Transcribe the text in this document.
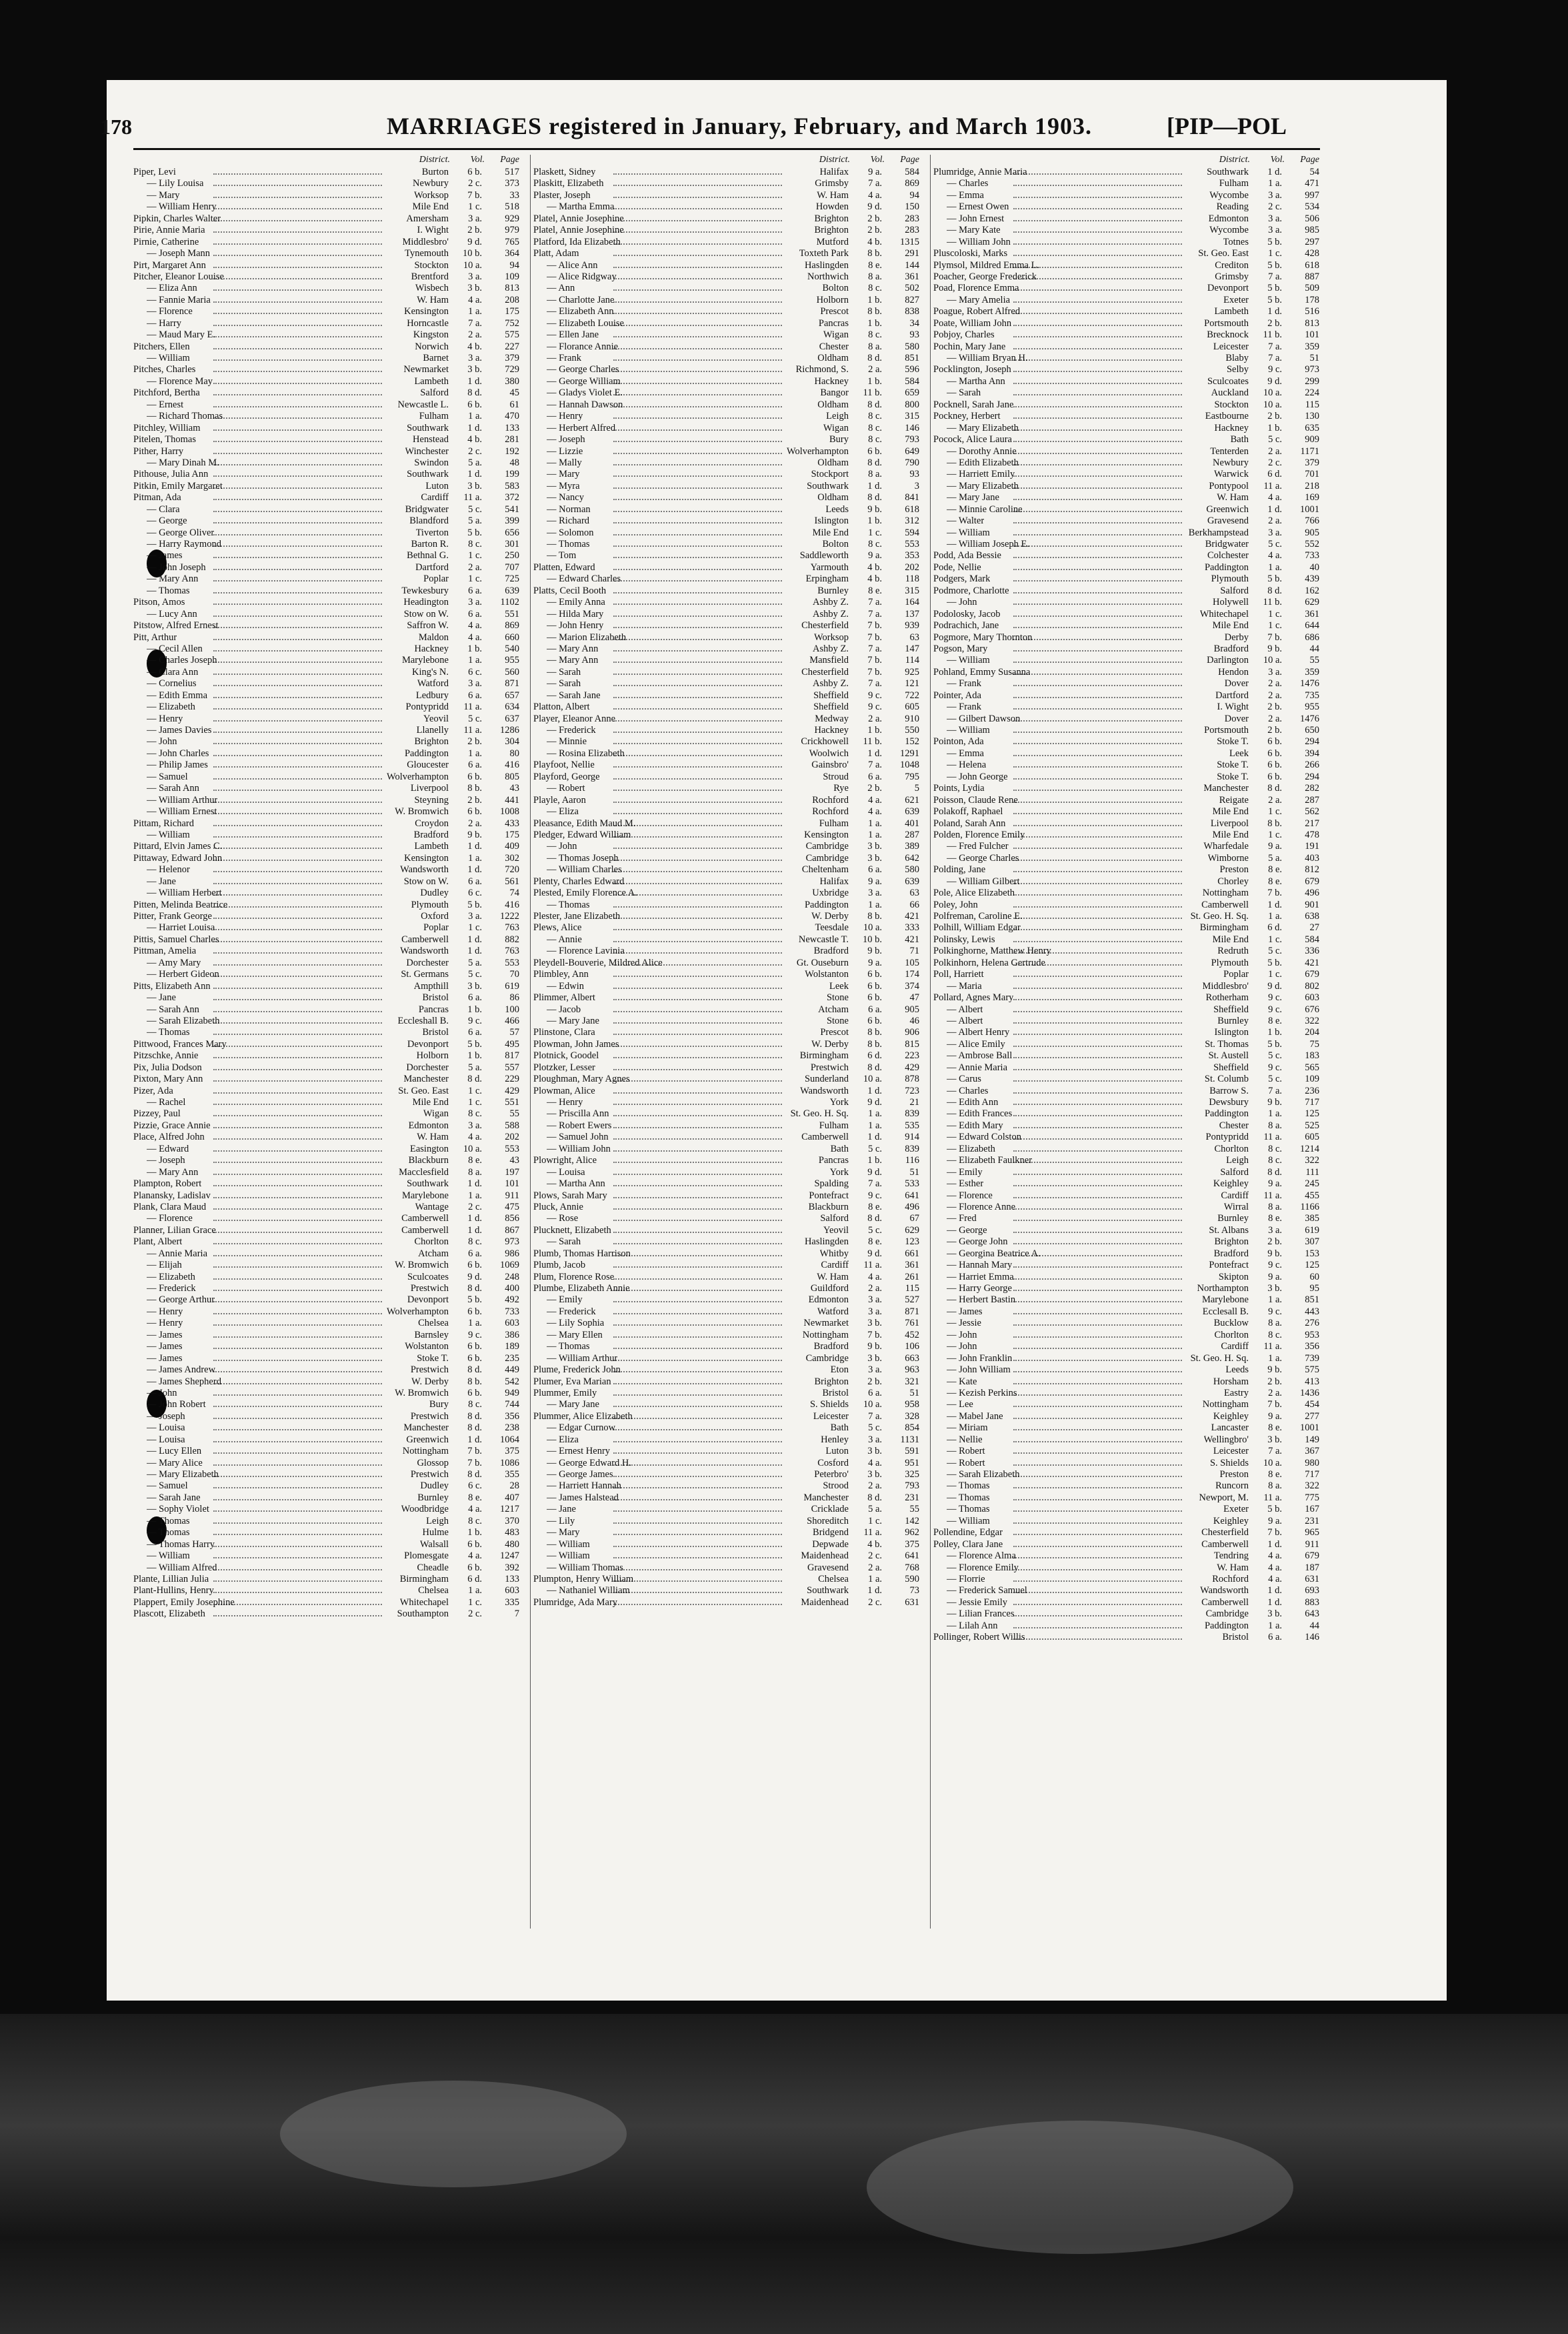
178	MARRIAGES registered in January, February, and March 1903.	[PIP—POL
District. Vol. Page
Piper, Levi	Burton 6 b.	517
— Lily Louisa	Newbury 2 c.	373
— Mary	Worksop 7 b.	33
— William Henry	Mile End 1 c.	518
Pipkin, Charles Walter	Amersham 3 a.	929
Pirie, Annie Maria	I. Wight 2 b.	979
Pirnie, Catherine	Middlesbro' 9 d.	765
— Joseph Mann	Tynemouth 10 b.	364
Pirt, Margaret Ann	Stockton 10 a.	94
Pitcher, Eleanor Louise	Brentford 3 a.	109
— Eliza Ann	Wisbech 3 b.	813
— Fannie Maria	W. Ham 4 a.	208
— Florence	Kensington 1 a.	175
— Harry	Horncastle 7 a.	752
— Maud Mary E.	Kingston 2 a.	575
Pitchers, Ellen	Norwich 4 b.	227
— William	Barnet 3 a.	379
Pitches, Charles	Newmarket 3 b.	729
— Florence May	Lambeth 1 d.	380
Pitchford, Bertha	Salford 8 d.	45
— Ernest	Newcastle L. 6 b.	61
— Richard Thomas	Fulham 1 a.	470
Pitchley, William	Southwark 1 d.	133
Pitelen, Thomas	Henstead 4 b.	281
Pither, Harry	Winchester 2 c.	192
— Mary Dinah M.	Swindon 5 a.	48
Pithouse, Julia Ann	Southwark 1 d.	199
Pitkin, Emily Margaret	Luton 3 b.	583
Pitman, Ada	Cardiff 11 a.	372
— Clara	Bridgwater 5 c.	541
— George	Blandford 5 a.	399
— George Oliver	Tiverton 5 b.	656
— Harry Raymond	Barton R. 8 c.	301
— James	Bethnal G. 1 c.	250
— John Joseph	Dartford 2 a.	707
— Mary Ann	Poplar 1 c.	725
— Thomas	Tewkesbury 6 a.	639
Pitson, Amos	Headington 3 a.	1102
— Lucy Ann	Stow on W. 6 a.	551
Pitstow, Alfred Ernest	Saffron W. 4 a.	869
Pitt, Arthur	Maldon 4 a.	660
— Cecil Allen	Hackney 1 b.	540
— Charles Joseph	Marylebone 1 a.	955
— Clara Ann	King's N. 6 c.	560
— Cornelius	Watford 3 a.	871
— Edith Emma	Ledbury 6 a.	657
— Elizabeth	Pontypridd 11 a.	634
— Henry	Yeovil 5 c.	637
— James Davies	Llanelly 11 a.	1286
— John	Brighton 2 b.	304
— John Charles	Paddington 1 a.	80
— Philip James	Gloucester 6 a.	416
— Samuel	Wolverhampton 6 b.	805
— Sarah Ann	Liverpool 8 b.	43
— William Arthur	Steyning 2 b.	441
— William Ernest	W. Bromwich 6 b.	1008
Pittam, Richard	Croydon 2 a.	433
— William	Bradford 9 b.	175
Pittard, Elvin James C.	Lambeth 1 d.	409
Pittaway, Edward John	Kensington 1 a.	302
— Helenor	Wandsworth 1 d.	720
— Jane	Stow on W. 6 a.	561
— William Herbert	Dudley 6 c.	74
Pitten, Melinda Beatrice	Plymouth 5 b.	416
Pitter, Frank George	Oxford 3 a.	1222
— Harriet Louisa	Poplar 1 c.	763
Pittis, Samuel Charles	Camberwell 1 d.	882
Pittman, Amelia	Wandsworth 1 d.	763
— Amy Mary	Dorchester 5 a.	553
— Herbert Gideon	St. Germans 5 c.	70
Pitts, Elizabeth Ann	Ampthill 3 b.	619
— Jane	Bristol 6 a.	86
— Sarah Ann	Pancras 1 b.	100
— Sarah Elizabeth	Eccleshall B. 9 c.	466
— Thomas	Bristol 6 a.	57
Pittwood, Frances Mary	Devonport 5 b.	495
Pitzschke, Annie	Holborn 1 b.	817
Pix, Julia Dodson	Dorchester 5 a.	557
Pixton, Mary Ann	Manchester 8 d.	229
Pizer, Ada	St. Geo. East 1 c.	429
— Rachel	Mile End 1 c.	551
Pizzey, Paul	Wigan 8 c.	55
Pizzie, Grace Annie	Edmonton 3 a.	588
Place, Alfred John	W. Ham 4 a.	202
— Edward	Easington 10 a.	553
— Joseph	Blackburn 8 e.	43
— Mary Ann	Macclesfield 8 a.	197
Plampton, Robert	Southwark 1 d.	101
Planansky, Ladislav	Marylebone 1 a.	911
Plank, Clara Maud	Wantage 2 c.	475
— Florence	Camberwell 1 d.	856
Planner, Lilian Grace	Camberwell 1 d.	867
Plant, Albert	Chorlton 8 c.	973
— Annie Maria	Atcham 6 a.	986
— Elijah	W. Bromwich 6 b.	1069
— Elizabeth	Sculcoates 9 d.	248
— Frederick	Prestwich 8 d.	400
— George Arthur	Devonport 5 b.	492
— Henry	Wolverhampton 6 b.	733
— Henry	Chelsea 1 a.	603
— James	Barnsley 9 c.	386
— James	Wolstanton 6 b.	189
— James	Stoke T. 6 b.	235
— James Andrew	Prestwich 8 d.	449
— James Shepherd	W. Derby 8 b.	542
— John	W. Bromwich 6 b.	949
— John Robert	Bury 8 c.	744
— Joseph	Prestwich 8 d.	356
— Louisa	Manchester 8 d.	238
— Louisa	Greenwich 1 d.	1064
— Lucy Ellen	Nottingham 7 b.	375
— Mary Alice	Glossop 7 b.	1086
— Mary Elizabeth	Prestwich 8 d.	355
— Samuel	Dudley 6 c.	28
— Sarah Jane	Burnley 8 e.	407
— Sophy Violet	Woodbridge 4 a.	1217
— Thomas	Leigh 8 c.	370
— Thomas	Hulme 1 b.	483
— Thomas Harry	Walsall 6 b.	480
— William	Plomesgate 4 a.	1247
— William Alfred	Cheadle 6 b.	392
Plante, Lillian Julia	Birmingham 6 d.	133
Plant-Hullins, Henry	Chelsea 1 a.	603
Plappert, Emily Josephine	Whitechapel 1 c.	335
Plascott, Elizabeth	Southampton 2 c.	7
District. Vol. Page
Plaskett, Sidney	Halifax 9 a.	584
Plaskitt, Elizabeth	Grimsby 7 a.	869
Plaster, Joseph	W. Ham 4 a.	94
— Martha Emma	Howden 9 d.	150
Platel, Annie Josephine	Brighton 2 b.	283
Platel, Annie Josephine	Brighton 2 b.	283
Platford, Ida Elizabeth	Mutford 4 b.	1315
Platt, Adam	Toxteth Park 8 b.	291
— Alice Ann	Haslingden 8 e.	144
— Alice Ridgway	Northwich 8 a.	361
— Ann	Bolton 8 c.	502
— Charlotte Jane	Holborn 1 b.	827
— Elizabeth Ann	Prescot 8 b.	838
— Elizabeth Louise	Pancras 1 b.	34
— Ellen Jane	Wigan 8 c.	93
— Florance Annie	Chester 8 a.	580
— Frank	Oldham 8 d.	851
— George Charles	Richmond, S. 2 a.	596
— George William	Hackney 1 b.	584
— Gladys Violet E.	Bangor 11 b.	659
— Hannah Dawson	Oldham 8 d.	800
— Henry	Leigh 8 c.	315
— Herbert Alfred	Wigan 8 c.	146
— Joseph	Bury 8 c.	793
— Lizzie	Wolverhampton 6 b.	649
— Mally	Oldham 8 d.	790
— Mary	Stockport 8 a.	93
— Myra	Southwark 1 d.	3
— Nancy	Oldham 8 d.	841
— Norman	Leeds 9 b.	618
— Richard	Islington 1 b.	312
— Solomon	Mile End 1 c.	594
— Thomas	Bolton 8 c.	553
— Tom	Saddleworth 9 a.	353
Platten, Edward	Yarmouth 4 b.	202
— Edward Charles	Erpingham 4 b.	118
Platts, Cecil Booth	Burnley 8 e.	315
— Emily Anna	Ashby Z. 7 a.	164
— Hilda Mary	Ashby Z. 7 a.	137
— John Henry	Chesterfield 7 b.	939
— Marion Elizabeth	Worksop 7 b.	63
— Mary Ann	Ashby Z. 7 a.	147
— Mary Ann	Mansfield 7 b.	114
— Sarah	Chesterfield 7 b.	925
— Sarah	Ashby Z. 7 a.	121
— Sarah Jane	Sheffield 9 c.	722
Platton, Albert	Sheffield 9 c.	605
Player, Eleanor Anne	Medway 2 a.	910
— Frederick	Hackney 1 b.	550
— Minnie	Crickhowell 11 b.	152
— Rosina Elizabeth	Woolwich 1 d.	1291
Playfoot, Nellie	Gainsbro' 7 a.	1048
Playford, George	Stroud 6 a.	795
— Robert	Rye 2 b.	5
Playle, Aaron	Rochford 4 a.	621
— Eliza	Rochford 4 a.	639
Pleasance, Edith Maud M.	Fulham 1 a.	401
Pledger, Edward William	Kensington 1 a.	287
— John	Cambridge 3 b.	389
— Thomas Joseph	Cambridge 3 b.	642
— William Charles	Cheltenham 6 a.	580
Plenty, Charles Edward	Halifax 9 a.	639
Plested, Emily Florence A.	Uxbridge 3 a.	63
— Thomas	Paddington 1 a.	66
Plester, Jane Elizabeth	W. Derby 8 b.	421
Plews, Alice	Teesdale 10 a.	333
— Annie	Newcastle T. 10 b.	421
— Florence Lavinia	Bradford 9 b.	71
Pleydell-Bouverie, Mildred Alice	Gt. Ouseburn 9 a.	105
Plimbley, Ann	Wolstanton 6 b.	174
— Edwin	Leek 6 b.	374
Plimmer, Albert	Stone 6 b.	47
— Jacob	Atcham 6 a.	905
— Mary Jane	Stone 6 b.	46
Plinstone, Clara	Prescot 8 b.	906
Plowman, John James	W. Derby 8 b.	815
Plotnick, Goodel	Birmingham 6 d.	223
Plotzker, Lesser	Prestwich 8 d.	429
Ploughman, Mary Agnes	Sunderland 10 a.	878
Plowman, Alice	Wandsworth 1 d.	723
— Henry	York 9 d.	21
— Priscilla Ann	St. Geo. H. Sq. 1 a.	839
— Robert Ewers	Fulham 1 a.	535
— Samuel John	Camberwell 1 d.	914
— William John	Bath 5 c.	839
Plowright, Alice	Pancras 1 b.	116
— Louisa	York 9 d.	51
— Martha Ann	Spalding 7 a.	533
Plows, Sarah Mary	Pontefract 9 c.	641
Pluck, Annie	Blackburn 8 e.	496
— Rose	Salford 8 d.	67
Plucknett, Elizabeth	Yeovil 5 c.	629
— Sarah	Haslingden 8 e.	123
Plumb, Thomas Harrison	Whitby 9 d.	661
Plumb, Jacob	Cardiff 11 a.	361
Plum, Florence Rose	W. Ham 4 a.	261
Plumbe, Elizabeth Annie	Guildford 2 a.	115
— Emily	Edmonton 3 a.	527
— Frederick	Watford 3 a.	871
— Lily Sophia	Newmarket 3 b.	761
— Mary Ellen	Nottingham 7 b.	452
— Thomas	Bradford 9 b.	106
— William Arthur	Cambridge 3 b.	663
Plume, Frederick John	Eton 3 a.	963
Plumer, Eva Marian	Brighton 2 b.	321
Plummer, Emily	Bristol 6 a.	51
— Mary Jane	S. Shields 10 a.	958
Plummer, Alice Elizabeth	Leicester 7 a.	328
— Edgar Curnow	Bath 5 c.	854
— Eliza	Henley 3 a.	1131
— Ernest Henry	Luton 3 b.	591
— George Edward H.	Cosford 4 a.	951
— George James	Peterbro' 3 b.	325
— Harriett Hannah	Strood 2 a.	793
— James Halstead	Manchester 8 d.	231
— Jane	Cricklade 5 a.	55
— Lily	Shoreditch 1 c.	142
— Mary	Bridgend 11 a.	962
— William	Depwade 4 b.	375
— William	Maidenhead 2 c.	641
— William Thomas	Gravesend 2 a.	768
Plumpton, Henry William	Chelsea 1 a.	590
— Nathaniel William	Southwark 1 d.	73
Plumridge, Ada Mary	Maidenhead 2 c.	631
District. Vol. Page
Plumridge, Annie Maria	Southwark 1 d.	54
— Charles	Fulham 1 a.	471
— Emma	Wycombe 3 a.	997
— Ernest Owen	Reading 2 c.	534
— John Ernest	Edmonton 3 a.	506
— Mary Kate	Wycombe 3 a.	985
— William John	Totnes 5 b.	297
Pluscoloski, Marks	St. Geo. East 1 c.	428
Plymsol, Mildred Emma L.	Crediton 5 b.	618
Poacher, George Frederick	Grimsby 7 a.	887
Poad, Florence Emma	Devonport 5 b.	509
— Mary Amelia	Exeter 5 b.	178
Poague, Robert Alfred	Lambeth 1 d.	516
Poate, William John	Portsmouth 2 b.	813
Pobjoy, Charles	Brecknock 11 b.	101
Pochin, Mary Jane	Leicester 7 a.	359
— William Bryan H.	Blaby 7 a.	51
Pocklington, Joseph	Selby 9 c.	973
— Martha Ann	Sculcoates 9 d.	299
— Sarah	Auckland 10 a.	224
Pocknell, Sarah Jane	Stockton 10 a.	115
Pockney, Herbert	Eastbourne 2 b.	130
— Mary Elizabeth	Hackney 1 b.	635
Pocock, Alice Laura	Bath 5 c.	909
— Dorothy Annie	Tenterden 2 a.	1171
— Edith Elizabeth	Newbury 2 c.	379
— Harriett Emily	Warwick 6 d.	701
— Mary Elizabeth	Pontypool 11 a.	218
— Mary Jane	W. Ham 4 a.	169
— Minnie Caroline	Greenwich 1 d.	1001
— Walter	Gravesend 2 a.	766
— William	Berkhampstead 3 a.	905
— William Joseph E.	Bridgwater 5 c.	552
Podd, Ada Bessie	Colchester 4 a.	733
Pode, Nellie	Paddington 1 a.	40
Podgers, Mark	Plymouth 5 b.	439
Podmore, Charlotte	Salford 8 d.	162
— John	Holywell 11 b.	629
Podolosky, Jacob	Whitechapel 1 c.	361
Podrachich, Jane	Mile End 1 c.	644
Pogmore, Mary Thornton	Derby 7 b.	686
Pogson, Mary	Bradford 9 b.	44
— William	Darlington 10 a.	55
Pohland, Emmy Susanna	Hendon 3 a.	359
— Frank	Dover 2 a.	1476
Pointer, Ada	Dartford 2 a.	735
— Frank	I. Wight 2 b.	955
— Gilbert Dawson	Dover 2 a.	1476
— William	Portsmouth 2 b.	650
Pointon, Ada	Stoke T. 6 b.	294
— Emma	Leek 6 b.	394
— Helena	Stoke T. 6 b.	266
— John George	Stoke T. 6 b.	294
Points, Lydia	Manchester 8 d.	282
Poisson, Claude Rene	Reigate 2 a.	287
Polakoff, Raphael	Mile End 1 c.	562
Poland, Sarah Ann	Liverpool 8 b.	217
Polden, Florence Emily	Mile End 1 c.	478
— Fred Fulcher	Wharfedale 9 a.	191
— George Charles	Wimborne 5 a.	403
Polding, Jane	Preston 8 e.	812
— William Gilbert	Chorley 8 e.	679
Pole, Alice Elizabeth	Nottingham 7 b.	496
Poley, John	Camberwell 1 d.	901
Polfreman, Caroline E.	St. Geo. H. Sq. 1 a.	638
Polhill, William Edgar	Birmingham 6 d.	27
Polinsky, Lewis	Mile End 1 c.	584
Polkinghorne, Matthew Henry	Redruth 5 c.	336
Polkinhorn, Helena Gertrude	Plymouth 5 b.	421
Poll, Harriett	Poplar 1 c.	679
— Maria	Middlesbro' 9 d.	802
Pollard, Agnes Mary	Rotherham 9 c.	603
— Albert	Sheffield 9 c.	676
— Albert	Burnley 8 e.	322
— Albert Henry	Islington 1 b.	204
— Alice Emily	St. Thomas 5 b.	75
— Ambrose Ball	St. Austell 5 c.	183
— Annie Maria	Sheffield 9 c.	565
— Carus	St. Columb 5 c.	109
— Charles	Barrow S. 7 a.	236
— Edith Ann	Dewsbury 9 b.	717
— Edith Frances	Paddington 1 a.	125
— Edith Mary	Chester 8 a.	525
— Edward Colston	Pontypridd 11 a.	605
— Elizabeth	Chorlton 8 c.	1214
— Elizabeth Faulkner	Leigh 8 c.	322
— Emily	Salford 8 d.	111
— Esther	Keighley 9 a.	245
— Florence	Cardiff 11 a.	455
— Florence Anne	Wirral 8 a.	1166
— Fred	Burnley 8 e.	385
— George	St. Albans 3 a.	619
— George John	Brighton 2 b.	307
— Georgina Beatrice A.	Bradford 9 b.	153
— Hannah Mary	Pontefract 9 c.	125
— Harriet Emma	Skipton 9 a.	60
— Harry George	Northampton 3 b.	95
— Herbert Bastin	Marylebone 1 a.	851
— James	Ecclesall B. 9 c.	443
— Jessie	Bucklow 8 a.	276
— John	Chorlton 8 c.	953
— John	Cardiff 11 a.	356
— John Franklin	St. Geo. H. Sq. 1 a.	739
— John William	Leeds 9 b.	575
— Kate	Horsham 2 b.	413
— Kezish Perkins	Eastry 2 a.	1436
— Lee	Nottingham 7 b.	454
— Mabel Jane	Keighley 9 a.	277
— Miriam	Lancaster 8 e.	1001
— Nellie	Wellingbro' 3 b.	149
— Robert	Leicester 7 a.	367
— Robert	S. Shields 10 a.	980
— Sarah Elizabeth	Preston 8 e.	717
— Thomas	Runcorn 8 a.	322
— Thomas	Newport, M. 11 a.	775
— Thomas	Exeter 5 b.	167
— William	Keighley 9 a.	231
Pollendine, Edgar	Chesterfield 7 b.	965
Polley, Clara Jane	Camberwell 1 d.	911
— Florence Alma	Tendring 4 a.	679
— Florence Emily	W. Ham 4 a.	187
— Florrie	Rochford 4 a.	631
— Frederick Samuel	Wandsworth 1 d.	693
— Jessie Emily	Camberwell 1 d.	883
— Lilian Frances	Cambridge 3 b.	643
— Lilah Ann	Paddington 1 a.	44
Pollinger, Robert Willis	Bristol 6 a.	146
